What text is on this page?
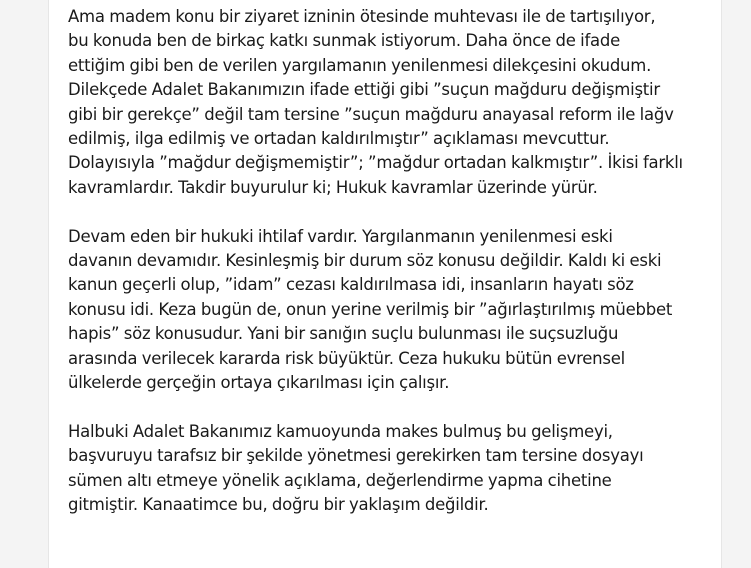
Ama madem konu bir ziyaret izninin ötesinde muhtevası ile de tartışılıyor,
bu konuda ben de birkaç katkı sunmak istiyorum. Daha önce de ifade
ettiğim gibi ben de verilen yargılamanın yenilenmesi dilekçesini okudum.
Dilekçede Adalet Bakanımızın ifade ettiği gibi ”suçun mağduru değişmiştir
gibi bir gerekçe” değil tam tersine ”suçun mağduru anayasal reform ile lağv
edilmiş, ilga edilmiş ve ortadan kaldırılmıştır” açıklaması mevcuttur.
Dolayısıyla ”mağdur değişmemiştir”; ”mağdur ortadan kalkmıştır”. İkisi farklı
kavramlardır. Takdir buyurulur ki; Hukuk kavramlar üzerinde yürür.

Devam eden bir hukuki ihtilaf vardır. Yargılanmanın yenilenmesi eski
davanın devamıdır. Kesinleşmiş bir durum söz konusu değildir. Kaldı ki eski
kanun geçerli olup, ”idam” cezası kaldırılmasa idi, insanların hayatı söz
konusu idi. Keza bugün de, onun yerine verilmiş bir ”ağırlaştırılmış müebbet
hapis” söz konusudur. Yani bir sanığın suçlu bulunması ile suçsuzluğu
arasında verilecek kararda risk büyüktür. Ceza hukuku bütün evrensel
ülkelerde gerçeğin ortaya çıkarılması için çalışır.

Halbuki Adalet Bakanımız kamuoyunda makes bulmuş bu gelişmeyi,
başvuruyu tarafsız bir şekilde yönetmesi gerekirken tam tersine dosyayı
sümen altı etmeye yönelik açıklama, değerlendirme yapma cihetine
gitmiştir. Kanaatimce bu, doğru bir yaklaşım değildir.
